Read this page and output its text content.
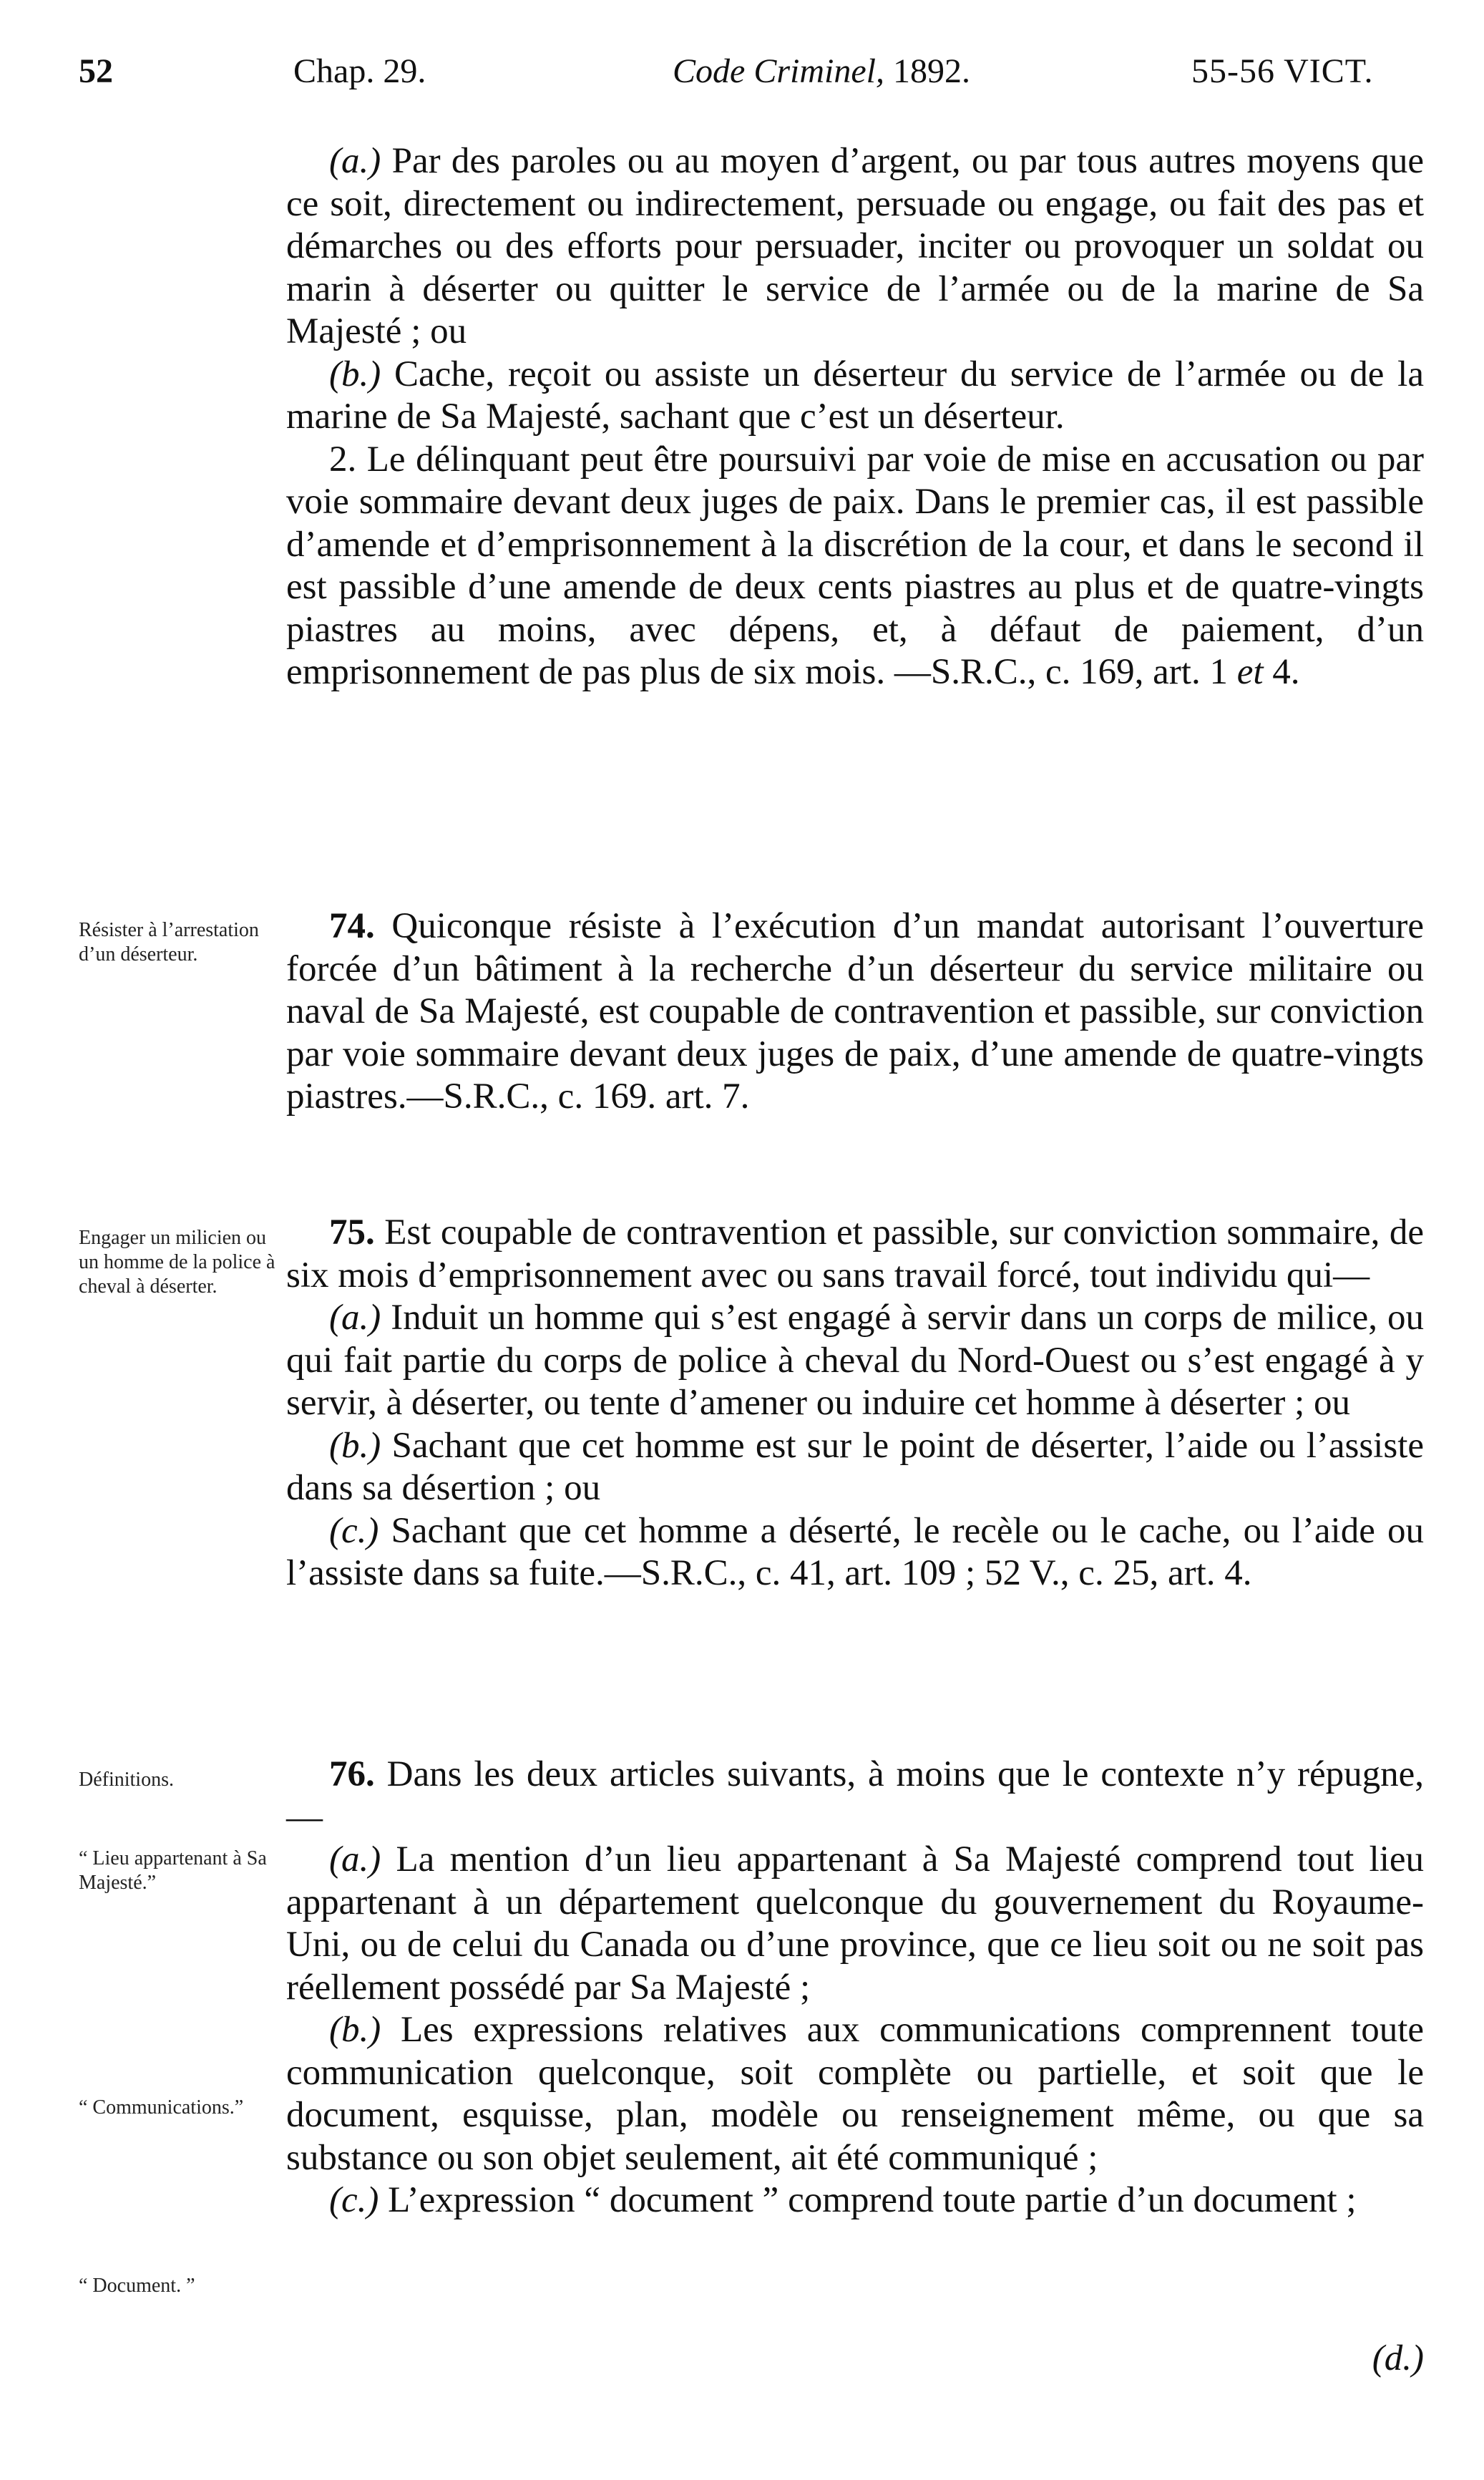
52	Chap. 29.	Code Criminel, 1892.	55-56 VICT.

(a.) Par des paroles ou au moyen d’argent, ou par tous autres moyens que ce soit, directement ou indirectement, persuade ou engage, ou fait des pas et démarches ou des efforts pour persuader, inciter ou provoquer un soldat ou marin à déserter ou quitter le service de l’armée ou de la marine de Sa Majesté ; ou

(b.) Cache, reçoit ou assiste un déserteur du service de l’armée ou de la marine de Sa Majesté, sachant que c’est un déserteur.

2. Le délinquant peut être poursuivi par voie de mise en accusation ou par voie sommaire devant deux juges de paix. Dans le premier cas, il est passible d’amende et d’emprisonnement à la discrétion de la cour, et dans le second il est passible d’une amende de deux cents piastres au plus et de quatre-vingts piastres au moins, avec dépens, et, à défaut de paiement, d’un emprisonnement de pas plus de six mois. —S.R.C., c. 169, art. 1 et 4.

Résister à l’arrestation d’un déserteur.

74. Quiconque résiste à l’exécution d’un mandat autorisant l’ouverture forcée d’un bâtiment à la recherche d’un déserteur du service militaire ou naval de Sa Majesté, est coupable de contravention et passible, sur conviction par voie sommaire devant deux juges de paix, d’une amende de quatre-vingts piastres.—S.R.C., c. 169. art. 7.

Engager un milicien ou un homme de la police à cheval à déserter.

75. Est coupable de contravention et passible, sur conviction sommaire, de six mois d’emprisonnement avec ou sans travail forcé, tout individu qui—

(a.) Induit un homme qui s’est engagé à servir dans un corps de milice, ou qui fait partie du corps de police à cheval du Nord-Ouest ou s’est engagé à y servir, à déserter, ou tente d’amener ou induire cet homme à déserter ; ou

(b.) Sachant que cet homme est sur le point de déserter, l’aide ou l’assiste dans sa désertion ; ou

(c.) Sachant que cet homme a déserté, le recèle ou le cache, ou l’aide ou l’assiste dans sa fuite.—S.R.C., c. 41, art. 109 ; 52 V., c. 25, art. 4.

Définitions.
“ Lieu appartenant à Sa Majesté.”
“ Communications.”
“ Document. ”

76. Dans les deux articles suivants, à moins que le contexte n’y répugne,—

(a.) La mention d’un lieu appartenant à Sa Majesté comprend tout lieu appartenant à un département quelconque du gouvernement du Royaume-Uni, ou de celui du Canada ou d’une province, que ce lieu soit ou ne soit pas réellement possédé par Sa Majesté ;

(b.) Les expressions relatives aux communications comprennent toute communication quelconque, soit complète ou partielle, et soit que le document, esquisse, plan, modèle ou renseignement même, ou que sa substance ou son objet seulement, ait été communiqué ;

(c.) L’expression “ document ” comprend toute partie d’un document ;

(d.)
